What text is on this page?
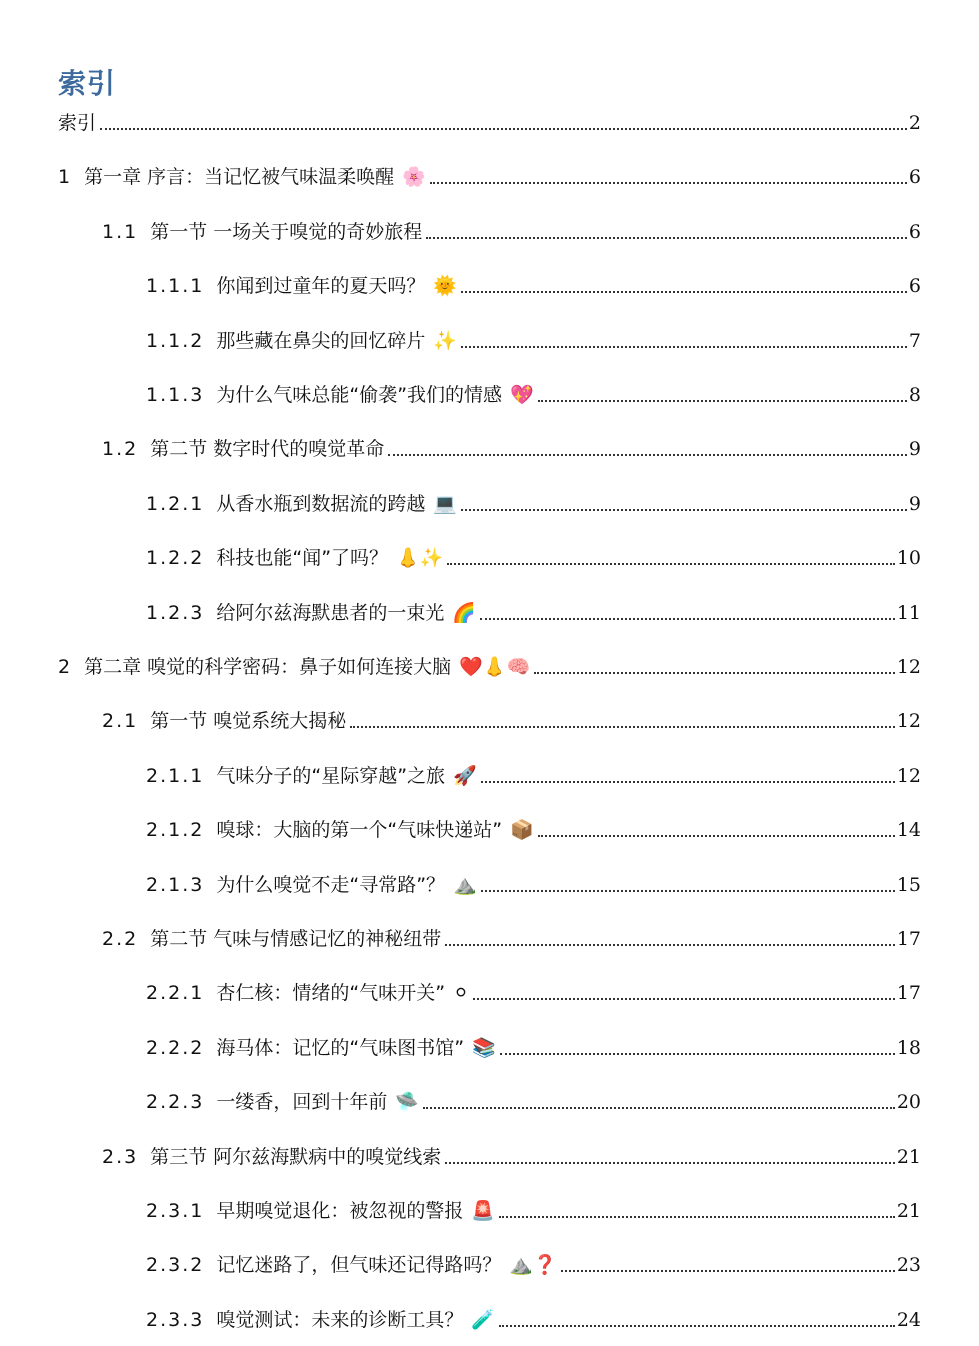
索引
索引	2
1 第一章 序言：当记忆被气味温柔唤醒 🌸	6
1.1 第一节 一场关于嗅觉的奇妙旅程	6
1.1.1 你闻到过童年的夏天吗？ 🌞	6
1.1.2 那些藏在鼻尖的回忆碎片 ✨	7
1.1.3 为什么气味总能“偷袭”我们的情感 💖	8
1.2 第二节 数字时代的嗅觉革命	9
1.2.1 从香水瓶到数据流的跨越 💻	9
1.2.2 科技也能“闻”了吗？ 👃✨	10
1.2.3 给阿尔兹海默患者的一束光 🌈	11
2 第二章 嗅觉的科学密码：鼻子如何连接大脑 ❤️👃🧠	12
2.1 第一节 嗅觉系统大揭秘	12
2.1.1 气味分子的“星际穿越”之旅 🚀	12
2.1.2 嗅球：大脑的第一个“气味快递站” 📦	14
2.1.3 为什么嗅觉不走“寻常路”？ ⛰️	15
2.2 第二节 气味与情感记忆的神秘纽带	17
2.2.1 杏仁核：情绪的“气味开关” ⚪	17
2.2.2 海马体：记忆的“气味图书馆” 📚	18
2.2.3 一缕香，回到十年前 🛸	20
2.3 第三节 阿尔兹海默病中的嗅觉线索	21
2.3.1 早期嗅觉退化：被忽视的警报 🚨	21
2.3.2 记忆迷路了，但气味还记得路吗？ ⛰️❓	23
2.3.3 嗅觉测试：未来的诊断工具？ 🧪	24
